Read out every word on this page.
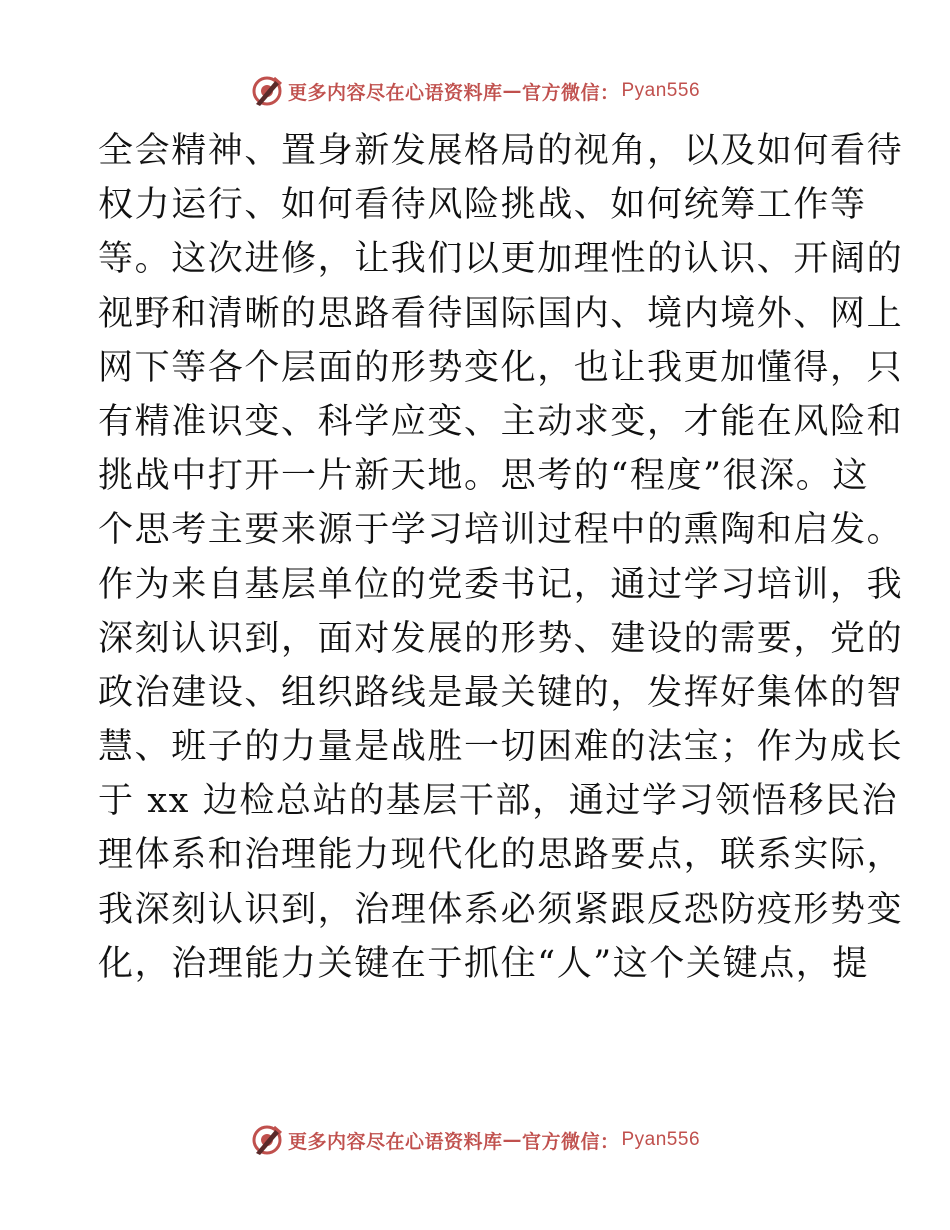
更多内容尽在心语资料库 — 官方微信： Pyan556
全会精神、置身新发展格局的视角，以及如何看待
权力运行、如何看待风险挑战、如何统筹工作等
等。这次进修，让我们以更加理性的认识、开阔的
视野和清晰的思路看待国际国内、境内境外、网上
网下等各个层面的形势变化，也让我更加懂得，只
有精准识变、科学应变、主动求变，才能在风险和
挑战中打开一片新天地。思考的“程度”很深。这
个思考主要来源于学习培训过程中的熏陶和启发。
作为来自基层单位的党委书记，通过学习培训，我
深刻认识到，面对发展的形势、建设的需要，党的
政治建设、组织路线是最关键的，发挥好集体的智
慧、班子的力量是战胜一切困难的法宝；作为成长
于 xx 边检总站的基层干部，通过学习领悟移民治
理体系和治理能力现代化的思路要点，联系实际，
我深刻认识到，治理体系必须紧跟反恐防疫形势变
化，治理能力关键在于抓住“人”这个关键点，提
更多内容尽在心语资料库 — 官方微信： Pyan556
